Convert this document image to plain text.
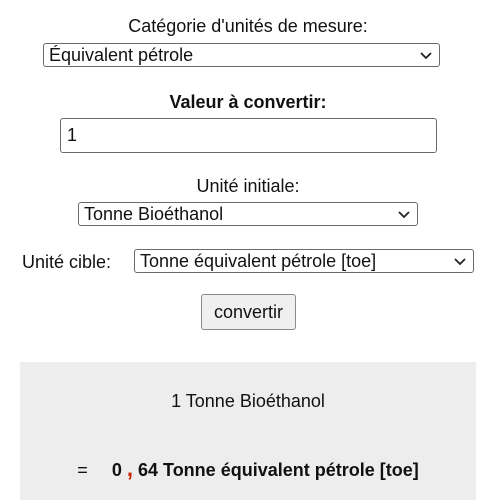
Catégorie d'unités de mesure:
Équivalent pétrole
Valeur à convertir:
1
Unité initiale:
Tonne Bioéthanol
Unité cible:	Tonne équivalent pétrole [toe]
convertir
1 Tonne Bioéthanol
= 0 , 64 Tonne équivalent pétrole [toe]
